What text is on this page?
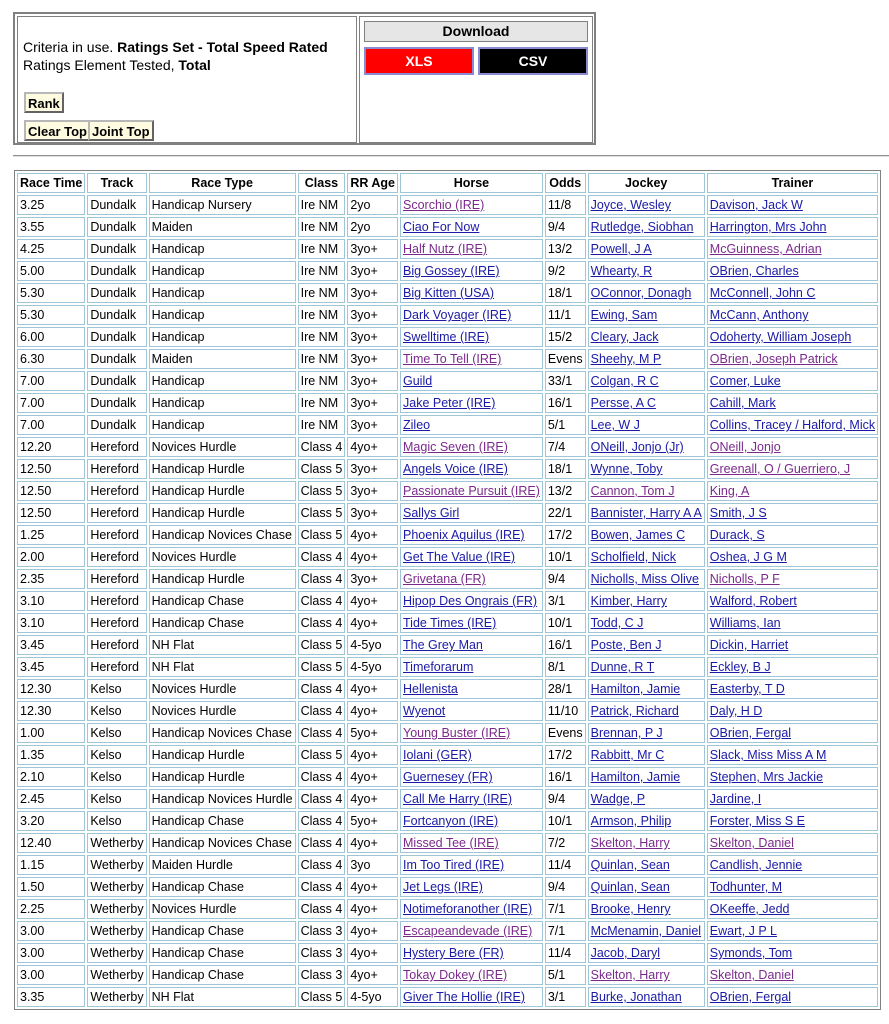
Criteria in use. Ratings Set - Total Speed Rated
Ratings Element Tested, Total
Rank
Clear Top Joint Top
Download
XLS	CSV
Race Time	Track	Race Type	Class	RR Age	Horse	Odds	Jockey	Trainer
3.25	Dundalk	Handicap Nursery	Ire NM	2yo	Scorchio (IRE)	11/8	Joyce, Wesley	Davison, Jack W
3.55	Dundalk	Maiden	Ire NM	2yo	Ciao For Now	9/4	Rutledge, Siobhan	Harrington, Mrs John
4.25	Dundalk	Handicap	Ire NM	3yo+	Half Nutz (IRE)	13/2	Powell, J A	McGuinness, Adrian
5.00	Dundalk	Handicap	Ire NM	3yo+	Big Gossey (IRE)	9/2	Whearty, R	OBrien, Charles
5.30	Dundalk	Handicap	Ire NM	3yo+	Big Kitten (USA)	18/1	OConnor, Donagh	McConnell, John C
5.30	Dundalk	Handicap	Ire NM	3yo+	Dark Voyager (IRE)	11/1	Ewing, Sam	McCann, Anthony
6.00	Dundalk	Handicap	Ire NM	3yo+	Swelltime (IRE)	15/2	Cleary, Jack	Odoherty, William Joseph
6.30	Dundalk	Maiden	Ire NM	3yo+	Time To Tell (IRE)	Evens	Sheehy, M P	OBrien, Joseph Patrick
7.00	Dundalk	Handicap	Ire NM	3yo+	Guild	33/1	Colgan, R C	Comer, Luke
7.00	Dundalk	Handicap	Ire NM	3yo+	Jake Peter (IRE)	16/1	Persse, A C	Cahill, Mark
7.00	Dundalk	Handicap	Ire NM	3yo+	Zileo	5/1	Lee, W J	Collins, Tracey / Halford, Mick
12.20	Hereford	Novices Hurdle	Class 4	4yo+	Magic Seven (IRE)	7/4	ONeill, Jonjo (Jr)	ONeill, Jonjo
12.50	Hereford	Handicap Hurdle	Class 5	3yo+	Angels Voice (IRE)	18/1	Wynne, Toby	Greenall, O / Guerriero, J
12.50	Hereford	Handicap Hurdle	Class 5	3yo+	Passionate Pursuit (IRE)	13/2	Cannon, Tom J	King, A
12.50	Hereford	Handicap Hurdle	Class 5	3yo+	Sallys Girl	22/1	Bannister, Harry A A	Smith, J S
1.25	Hereford	Handicap Novices Chase	Class 5	4yo+	Phoenix Aquilus (IRE)	17/2	Bowen, James C	Durack, S
2.00	Hereford	Novices Hurdle	Class 4	4yo+	Get The Value (IRE)	10/1	Scholfield, Nick	Oshea, J G M
2.35	Hereford	Handicap Hurdle	Class 4	3yo+	Grivetana (FR)	9/4	Nicholls, Miss Olive	Nicholls, P F
3.10	Hereford	Handicap Chase	Class 4	4yo+	Hipop Des Ongrais (FR)	3/1	Kimber, Harry	Walford, Robert
3.10	Hereford	Handicap Chase	Class 4	4yo+	Tide Times (IRE)	10/1	Todd, C J	Williams, Ian
3.45	Hereford	NH Flat	Class 5	4-5yo	The Grey Man	16/1	Poste, Ben J	Dickin, Harriet
3.45	Hereford	NH Flat	Class 5	4-5yo	Timeforarum	8/1	Dunne, R T	Eckley, B J
12.30	Kelso	Novices Hurdle	Class 4	4yo+	Hellenista	28/1	Hamilton, Jamie	Easterby, T D
12.30	Kelso	Novices Hurdle	Class 4	4yo+	Wyenot	11/10	Patrick, Richard	Daly, H D
1.00	Kelso	Handicap Novices Chase	Class 4	5yo+	Young Buster (IRE)	Evens	Brennan, P J	OBrien, Fergal
1.35	Kelso	Handicap Hurdle	Class 5	4yo+	Iolani (GER)	17/2	Rabbitt, Mr C	Slack, Miss Miss A M
2.10	Kelso	Handicap Hurdle	Class 4	4yo+	Guernesey (FR)	16/1	Hamilton, Jamie	Stephen, Mrs Jackie
2.45	Kelso	Handicap Novices Hurdle	Class 4	4yo+	Call Me Harry (IRE)	9/4	Wadge, P	Jardine, I
3.20	Kelso	Handicap Chase	Class 4	5yo+	Fortcanyon (IRE)	10/1	Armson, Philip	Forster, Miss S E
12.40	Wetherby	Handicap Novices Chase	Class 4	4yo+	Missed Tee (IRE)	7/2	Skelton, Harry	Skelton, Daniel
1.15	Wetherby	Maiden Hurdle	Class 4	3yo	Im Too Tired (IRE)	11/4	Quinlan, Sean	Candlish, Jennie
1.50	Wetherby	Handicap Chase	Class 4	4yo+	Jet Legs (IRE)	9/4	Quinlan, Sean	Todhunter, M
2.25	Wetherby	Novices Hurdle	Class 4	4yo+	Notimeforanother (IRE)	7/1	Brooke, Henry	OKeeffe, Jedd
3.00	Wetherby	Handicap Chase	Class 3	4yo+	Escapeandevade (IRE)	7/1	McMenamin, Daniel	Ewart, J P L
3.00	Wetherby	Handicap Chase	Class 3	4yo+	Hystery Bere (FR)	11/4	Jacob, Daryl	Symonds, Tom
3.00	Wetherby	Handicap Chase	Class 3	4yo+	Tokay Dokey (IRE)	5/1	Skelton, Harry	Skelton, Daniel
3.35	Wetherby	NH Flat	Class 5	4-5yo	Giver The Hollie (IRE)	3/1	Burke, Jonathan	OBrien, Fergal
